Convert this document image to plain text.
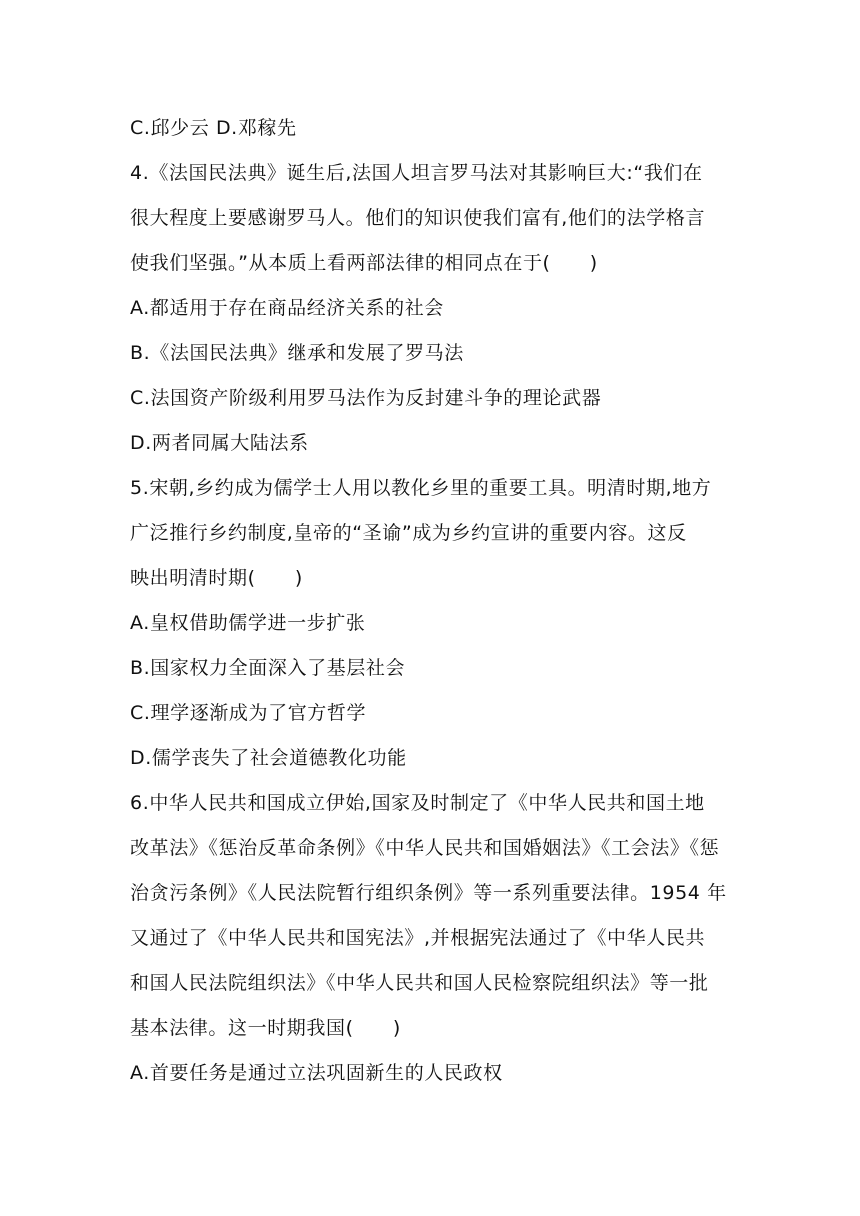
C.邱少云 D.邓稼先
4.《法国民法典》诞生后,法国人坦言罗马法对其影响巨大:“我们在
很大程度上要感谢罗马人。他们的知识使我们富有,他们的法学格言
使我们坚强。”从本质上看两部法律的相同点在于(　　)
A.都适用于存在商品经济关系的社会
B.《法国民法典》继承和发展了罗马法
C.法国资产阶级利用罗马法作为反封建斗争的理论武器
D.两者同属大陆法系
5.宋朝,乡约成为儒学士人用以教化乡里的重要工具。明清时期,地方
广泛推行乡约制度,皇帝的“圣谕”成为乡约宣讲的重要内容。这反
映出明清时期(　　)
A.皇权借助儒学进一步扩张
B.国家权力全面深入了基层社会
C.理学逐渐成为了官方哲学
D.儒学丧失了社会道德教化功能
6.中华人民共和国成立伊始,国家及时制定了《中华人民共和国土地
改革法》《惩治反革命条例》《中华人民共和国婚姻法》《工会法》《惩
治贪污条例》《人民法院暂行组织条例》等一系列重要法律。1954 年
又通过了《中华人民共和国宪法》,并根据宪法通过了《中华人民共
和国人民法院组织法》《中华人民共和国人民检察院组织法》等一批
基本法律。这一时期我国(　　)
A.首要任务是通过立法巩固新生的人民政权
